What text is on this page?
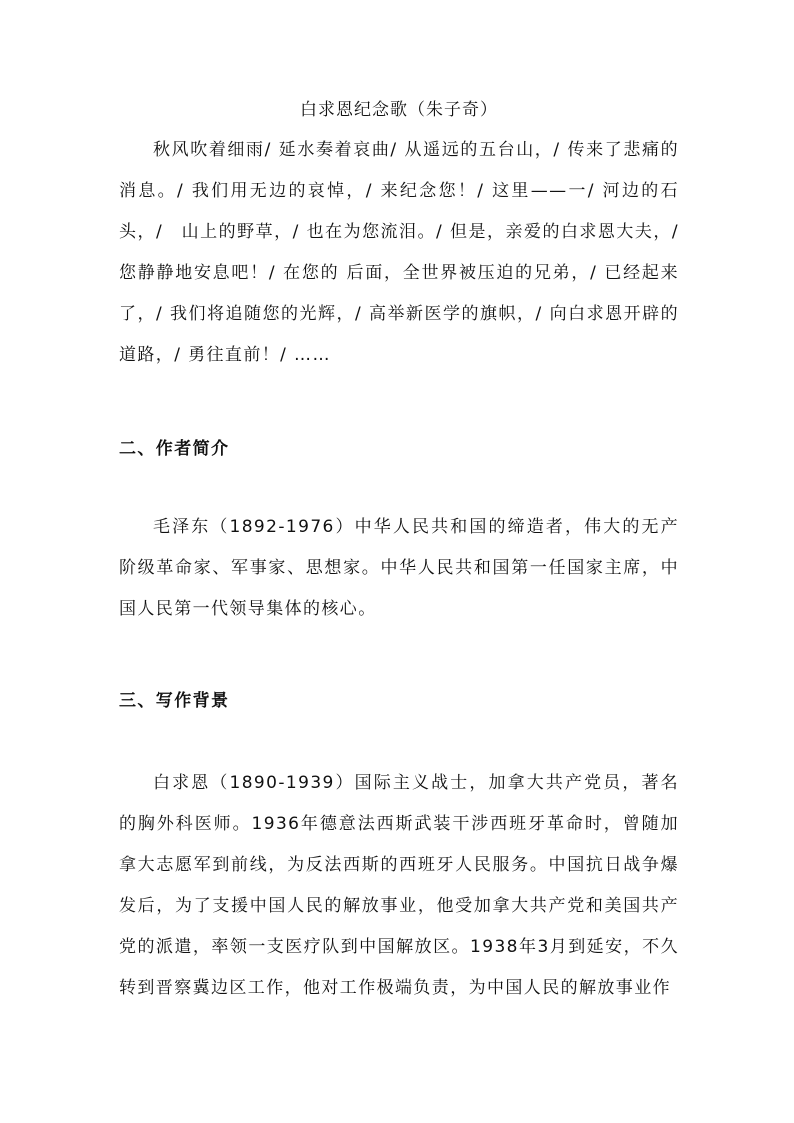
白求恩纪念歌（朱子奇）

秋风吹着细雨/ 延水奏着哀曲/ 从遥远的五台山，/ 传来了悲痛的消息。/ 我们用无边的哀悼，/ 来纪念您！/ 这里——一/ 河边的石头，/　山上的野草，/ 也在为您流泪。/ 但是，亲爱的白求恩大夫，/ 您静静地安息吧！/ 在您的 后面，全世界被压迫的兄弟，/ 已经起来了，/ 我们将追随您的光辉，/ 高举新医学的旗帜，/ 向白求恩开辟的道路，/ 勇往直前！/ ……

二、作者简介

毛泽东（1892-1976）中华人民共和国的缔造者，伟大的无产阶级革命家、军事家、思想家。中华人民共和国第一任国家主席，中国人民第一代领导集体的核心。

三、写作背景

白求恩（1890-1939）国际主义战士，加拿大共产党员，著名的胸外科医师。1936年德意法西斯武装干涉西班牙革命时，曾随加拿大志愿军到前线，为反法西斯的西班牙人民服务。中国抗日战争爆发后，为了支援中国人民的解放事业，他受加拿大共产党和美国共产党的派遣，率领一支医疗队到中国解放区。1938年3月到延安，不久转到晋察冀边区工作，他对工作极端负责，为中国人民的解放事业作
